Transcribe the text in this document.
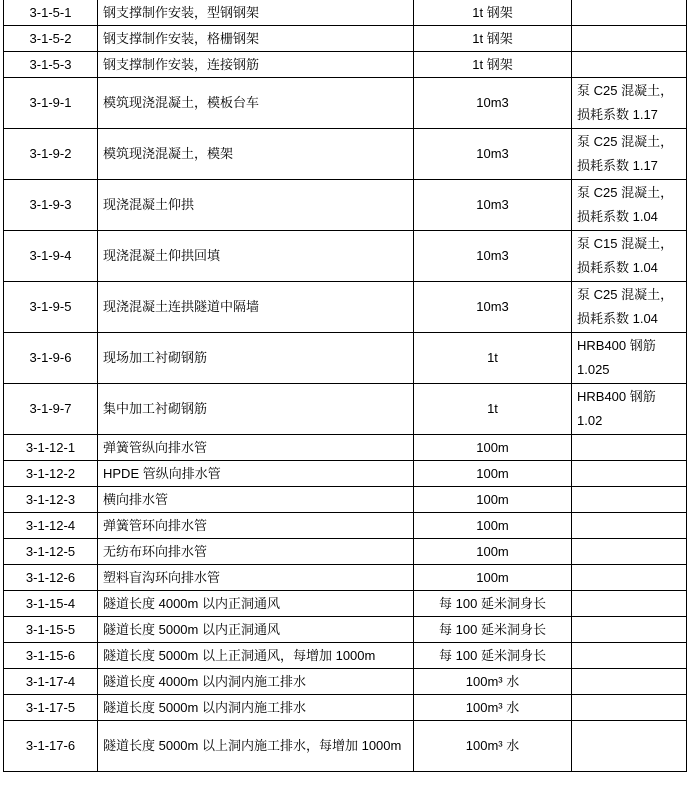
3-1-5-1	钢支撑制作安装，型钢钢架	1t 钢架	
3-1-5-2	钢支撑制作安装，格栅钢架	1t 钢架	
3-1-5-3	钢支撑制作安装，连接钢筋	1t 钢架	
3-1-9-1	模筑现浇混凝土，模板台车	10m3	泵 C25 混凝土，损耗系数 1.17
3-1-9-2	模筑现浇混凝土，模架	10m3	泵 C25 混凝土，损耗系数 1.17
3-1-9-3	现浇混凝土仰拱	10m3	泵 C25 混凝土，损耗系数 1.04
3-1-9-4	现浇混凝土仰拱回填	10m3	泵 C15 混凝土，损耗系数 1.04
3-1-9-5	现浇混凝土连拱隧道中隔墙	10m3	泵 C25 混凝土，损耗系数 1.04
3-1-9-6	现场加工衬砌钢筋	1t	HRB400 钢筋 1.025
3-1-9-7	集中加工衬砌钢筋	1t	HRB400 钢筋 1.02
3-1-12-1	弹簧管纵向排水管	100m	
3-1-12-2	HPDE 管纵向排水管	100m	
3-1-12-3	横向排水管	100m	
3-1-12-4	弹簧管环向排水管	100m	
3-1-12-5	无纺布环向排水管	100m	
3-1-12-6	塑料盲沟环向排水管	100m	
3-1-15-4	隧道长度 4000m 以内正洞通风	每 100 延米洞身长	
3-1-15-5	隧道长度 5000m 以内正洞通风	每 100 延米洞身长	
3-1-15-6	隧道长度 5000m 以上正洞通风，每增加 1000m	每 100 延米洞身长	
3-1-17-4	隧道长度 4000m 以内洞内施工排水	100m³ 水	
3-1-17-5	隧道长度 5000m 以内洞内施工排水	100m³ 水	
3-1-17-6	隧道长度 5000m 以上洞内施工排水，每增加 1000m	100m³ 水	
